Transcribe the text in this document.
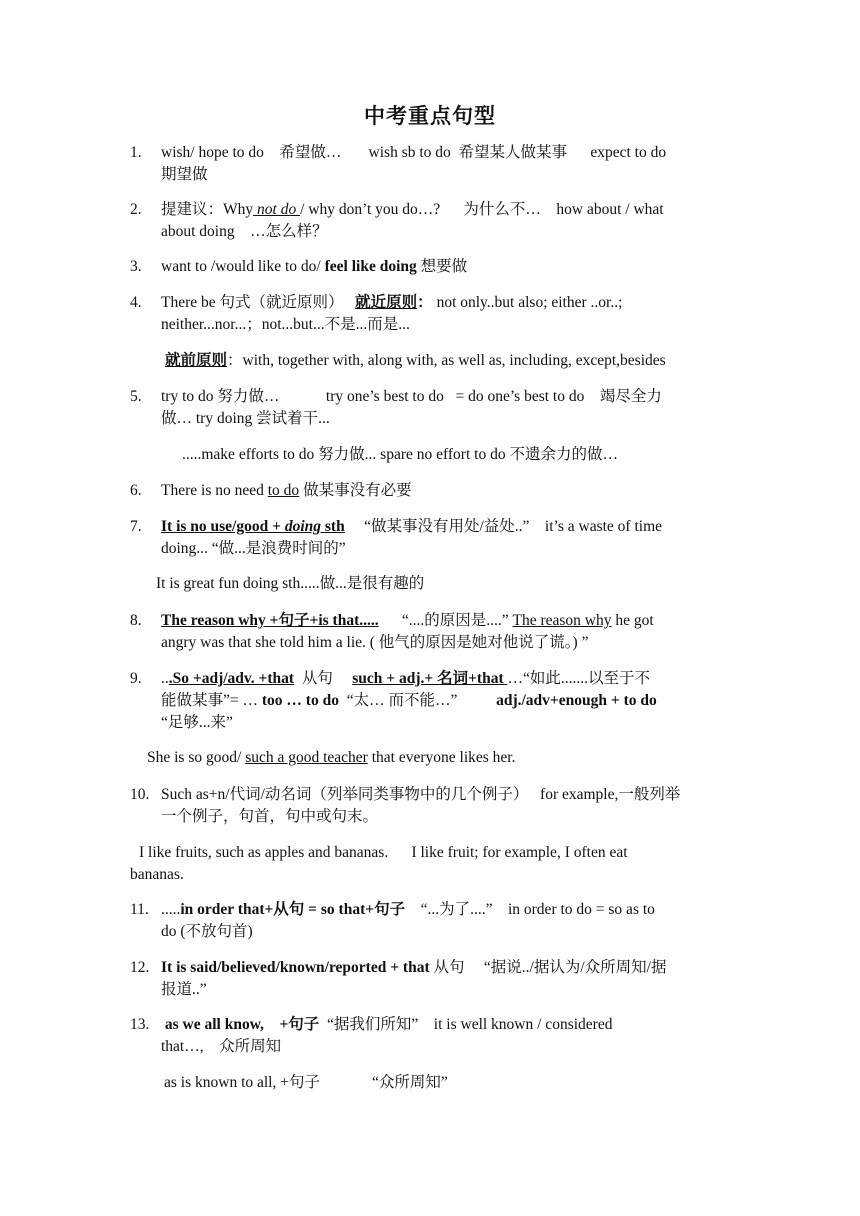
中考重点句型
1.	wish/ hope to do 希望做… wish sb to do 希望某人做某事 expect to do
期望做
2.	提建议：Why not do / why don’t you do…? 为什么不… how about / what
about doing …怎么样？
3.	want to /would like to do/ feel like doing 想要做
4.	There be 句式（就近原则） 就近原则： not only..but also; either ..or..;
neither...nor...；not...but...不是...而是...
就前原则：with, together with, along with, as well as, including, except,besides
5.	try to do 努力做…	try one’s best to do = do one’s best to do 竭尽全力
做… try doing 尝试着干...
.....make efforts to do 努力做... spare no effort to do 不遗余力的做…
6.	There is no need to do 做某事没有必要
7.	It is no use/good + doing sth “做某事没有用处/益处..” it’s a waste of time
doing... “做...是浪费时间的”
It is great fun doing sth.....做...是很有趣的
8.	The reason why +句子+is that..... “....的原因是....” The reason why he got
angry was that she told him a lie. ( 他气的原因是她对他说了谎。) ”
9.	...So +adj/adv. +that 从句     such + adj.+ 名词+that …“如此.......以至于不
能做某事”= … too … to do “太… 而不能…”	adj./adv+enough + to do
“足够...来”
She is so good/ such a good teacher that everyone likes her.
10. Such as+n/代词/动名词（列举同类事物中的几个例子） for example,一般列举
一个例子，句首，句中或句末。
I like fruits, such as apples and bananas. I like fruit; for example, I often eat
bananas.
11. .....in order that+从句 = so that+句子 “...为了....” in order to do = so as to
do (不放句首)
12. It is said/believed/known/reported + that 从句 “据说../据认为/众所周知/据
报道..”
13.	as we all know, +句子 “据我们所知” it is well known / considered
that…, 众所周知
as is known to all, +句子	“众所周知”
